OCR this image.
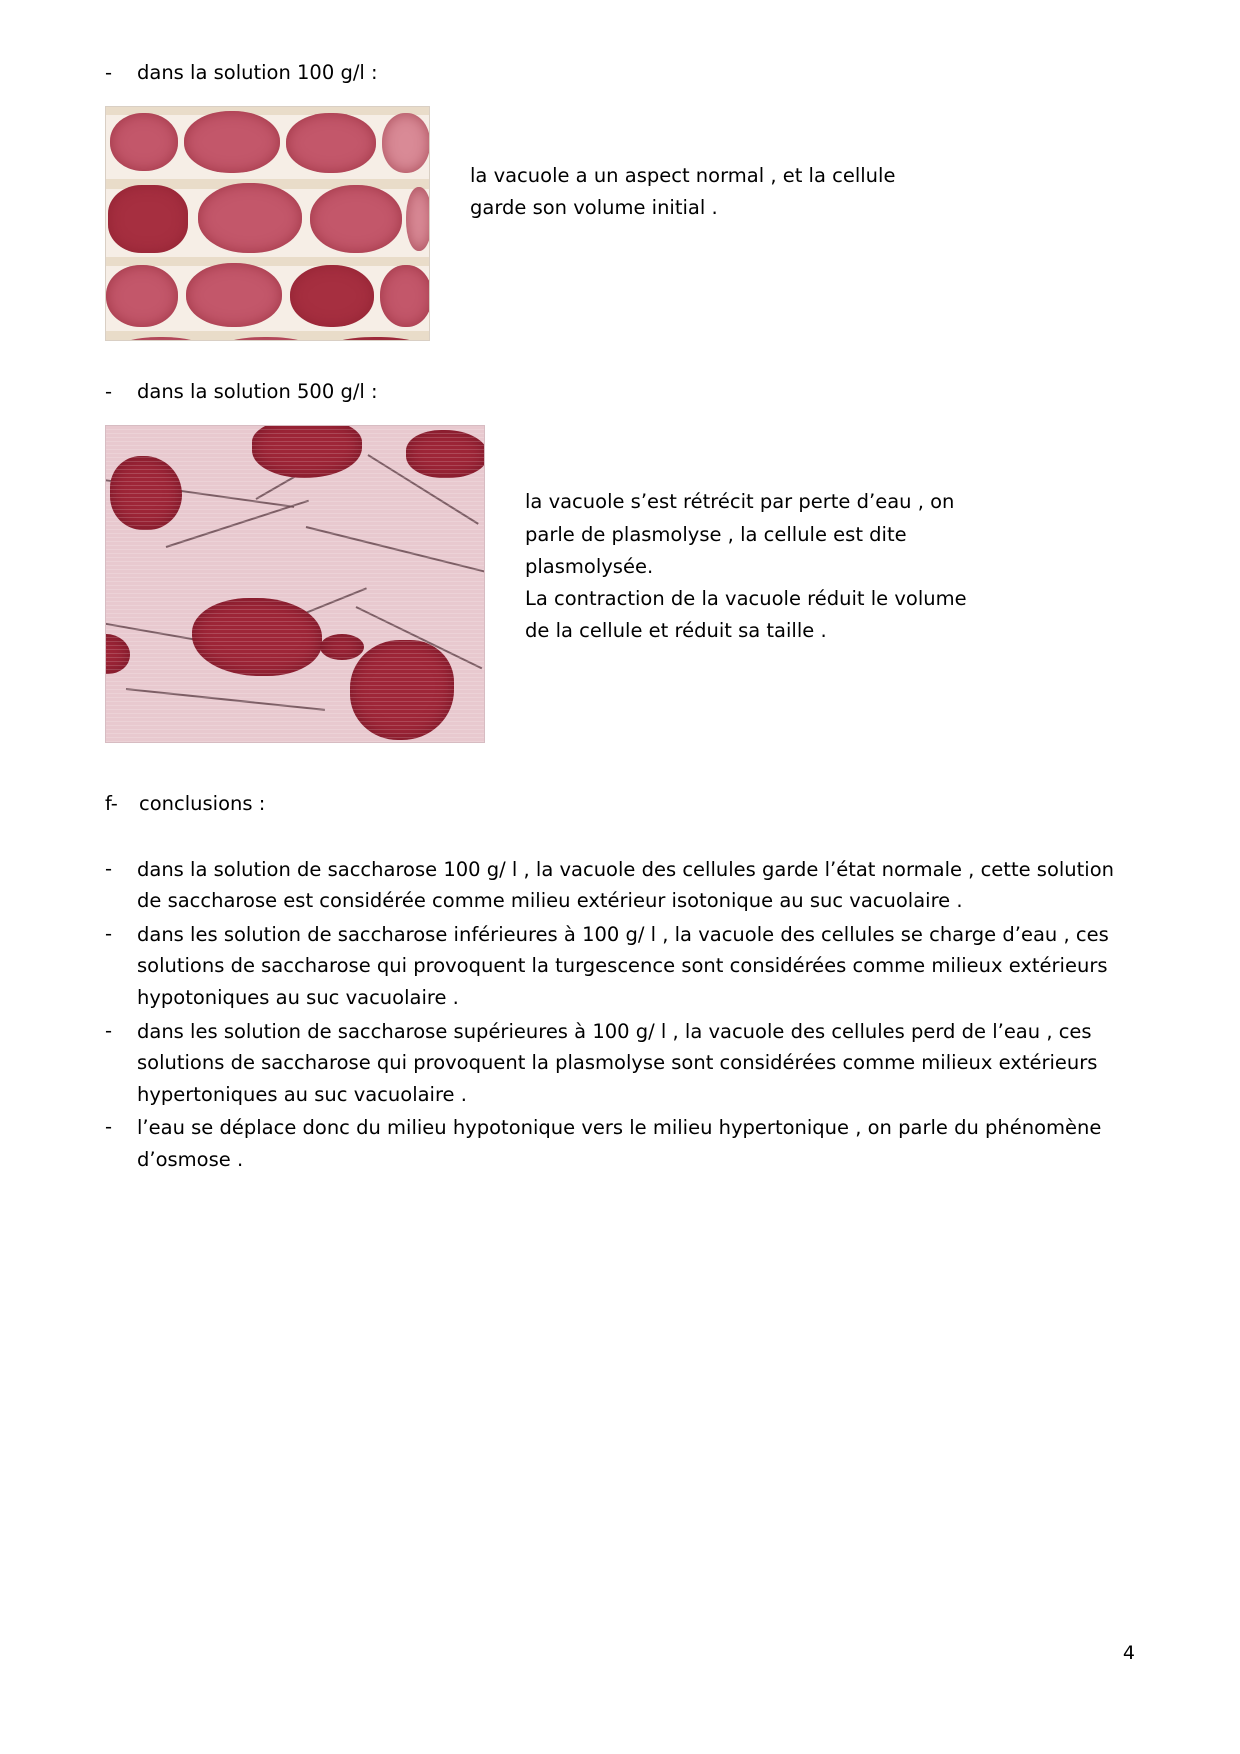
-	dans la solution 100 g/l :

la vacuole a un aspect normal , et la cellule

garde son volume initial .

-	dans la solution 500 g/l :

la vacuole s’est rétrécit par perte d’eau , on

parle de plasmolyse , la cellule est dite

plasmolysée.

La contraction de la vacuole réduit le volume

de la cellule et réduit sa taille .

f-	conclusions :
-	dans la solution de saccharose 100 g/ l , la vacuole des cellules garde l’état normale , cette solution de saccharose est considérée comme milieu extérieur isotonique au suc vacuolaire .
-	dans les solution de saccharose inférieures à 100 g/ l , la vacuole des cellules se charge d’eau , ces solutions de saccharose qui provoquent la turgescence sont considérées comme milieux extérieurs hypotoniques au suc vacuolaire .
-	dans les solution de saccharose supérieures à 100 g/ l , la vacuole des cellules perd de l’eau , ces solutions de saccharose qui provoquent la plasmolyse sont considérées comme milieux extérieurs hypertoniques au suc vacuolaire .
-	l’eau se déplace donc du milieu hypotonique vers le milieu hypertonique , on parle du phénomène d’osmose .
4
